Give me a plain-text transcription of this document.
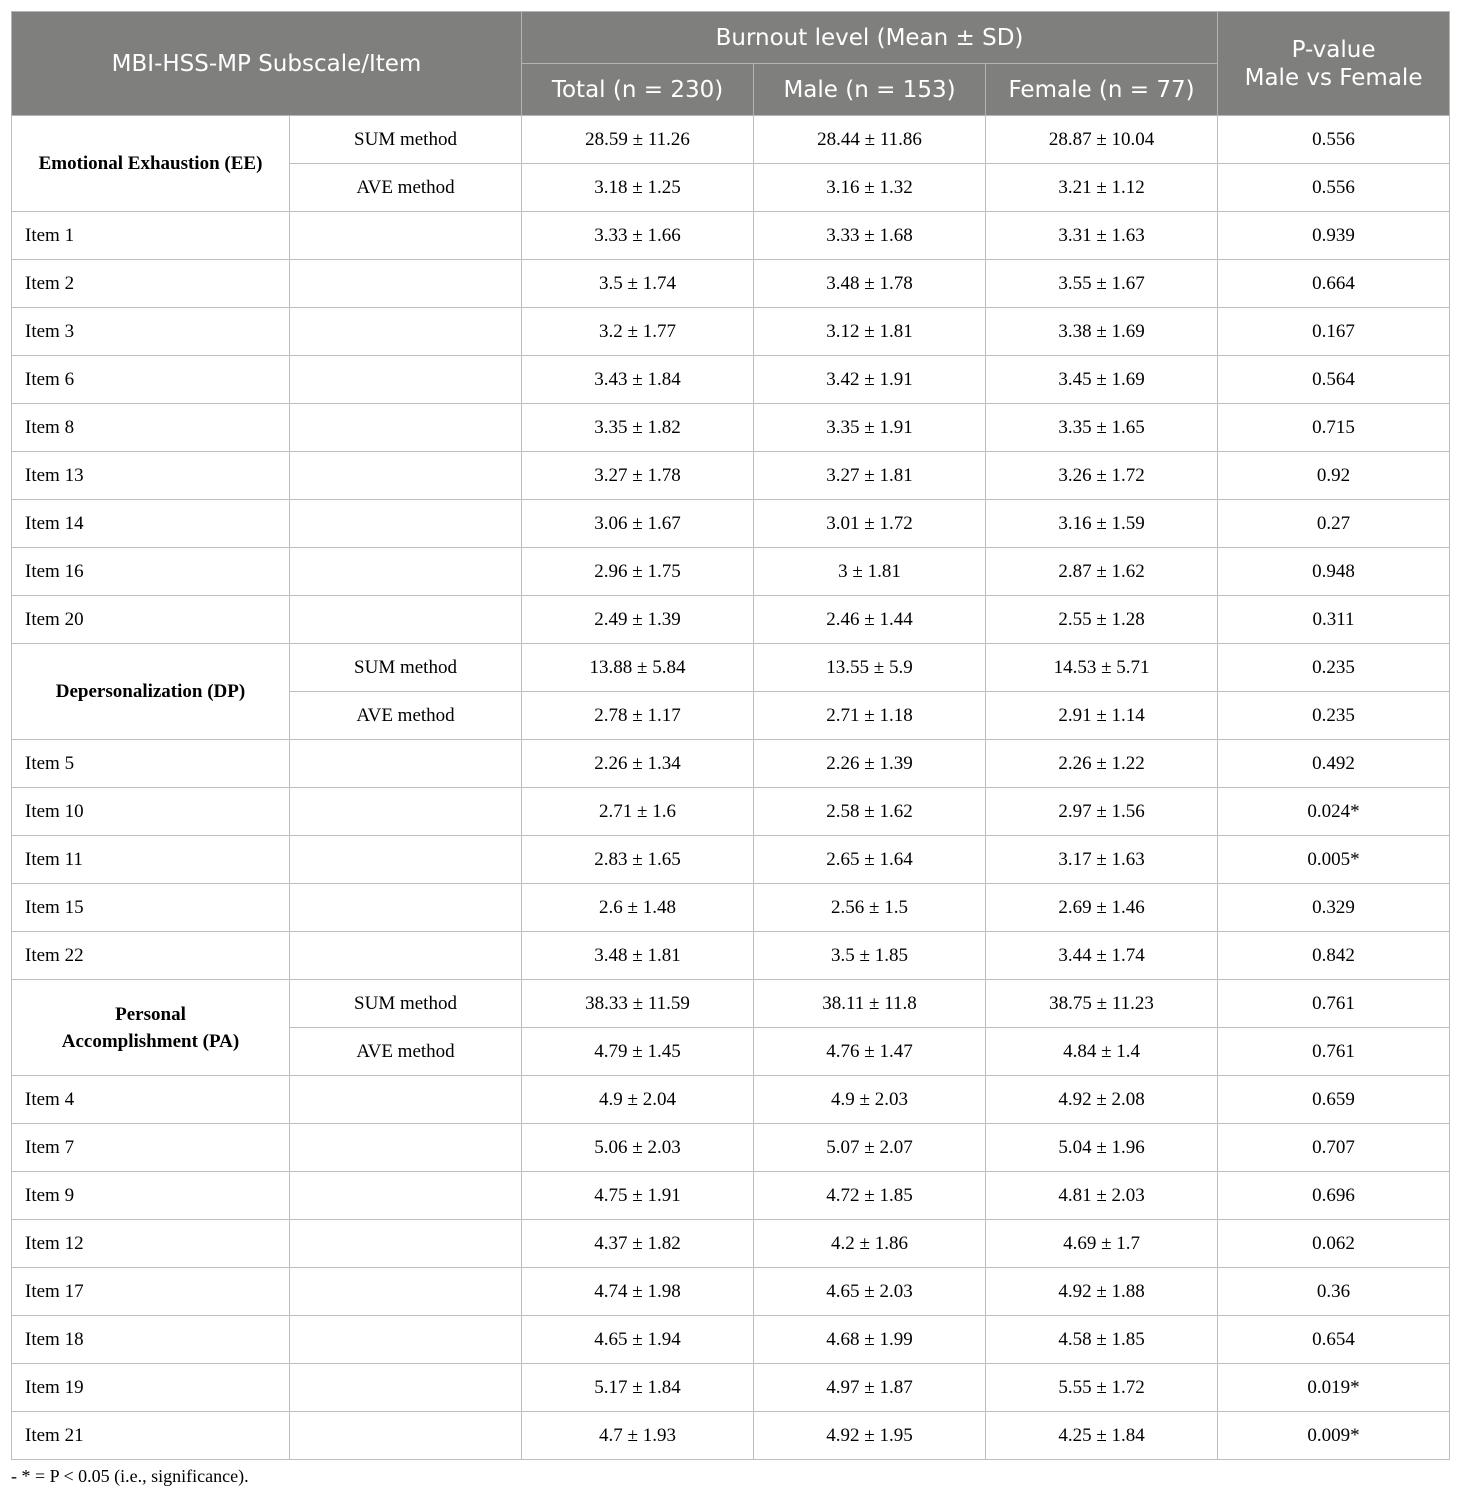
MBI-HSS-MP Subscale/Item		Burnout level (Mean ± SD)			P-value
Male vs Female

		Total (n = 230)	Male (n = 153)	Female (n = 77)	

Emotional Exhaustion (EE)	SUM method	28.59 ± 11.26	28.44 ± 11.86	28.87 ± 10.04	0.556
	AVE method	3.18 ± 1.25	3.16 ± 1.32	3.21 ± 1.12	0.556
Item 1		3.33 ± 1.66	3.33 ± 1.68	3.31 ± 1.63	0.939
Item 2		3.5 ± 1.74	3.48 ± 1.78	3.55 ± 1.67	0.664
Item 3		3.2 ± 1.77	3.12 ± 1.81	3.38 ± 1.69	0.167
Item 6		3.43 ± 1.84	3.42 ± 1.91	3.45 ± 1.69	0.564
Item 8		3.35 ± 1.82	3.35 ± 1.91	3.35 ± 1.65	0.715
Item 13		3.27 ± 1.78	3.27 ± 1.81	3.26 ± 1.72	0.92
Item 14		3.06 ± 1.67	3.01 ± 1.72	3.16 ± 1.59	0.27
Item 16		2.96 ± 1.75	3 ± 1.81	2.87 ± 1.62	0.948
Item 20		2.49 ± 1.39	2.46 ± 1.44	2.55 ± 1.28	0.311

Depersonalization (DP)	SUM method	13.88 ± 5.84	13.55 ± 5.9	14.53 ± 5.71	0.235
	AVE method	2.78 ± 1.17	2.71 ± 1.18	2.91 ± 1.14	0.235
Item 5		2.26 ± 1.34	2.26 ± 1.39	2.26 ± 1.22	0.492
Item 10		2.71 ± 1.6	2.58 ± 1.62	2.97 ± 1.56	0.024*
Item 11		2.83 ± 1.65	2.65 ± 1.64	3.17 ± 1.63	0.005*
Item 15		2.6 ± 1.48	2.56 ± 1.5	2.69 ± 1.46	0.329
Item 22		3.48 ± 1.81	3.5 ± 1.85	3.44 ± 1.74	0.842

Personal
Accomplishment (PA)	SUM method	38.33 ± 11.59	38.11 ± 11.8	38.75 ± 11.23	0.761
	AVE method	4.79 ± 1.45	4.76 ± 1.47	4.84 ± 1.4	0.761
Item 4		4.9 ± 2.04	4.9 ± 2.03	4.92 ± 2.08	0.659
Item 7		5.06 ± 2.03	5.07 ± 2.07	5.04 ± 1.96	0.707
Item 9		4.75 ± 1.91	4.72 ± 1.85	4.81 ± 2.03	0.696
Item 12		4.37 ± 1.82	4.2 ± 1.86	4.69 ± 1.7	0.062
Item 17		4.74 ± 1.98	4.65 ± 2.03	4.92 ± 1.88	0.36
Item 18		4.65 ± 1.94	4.68 ± 1.99	4.58 ± 1.85	0.654
Item 19		5.17 ± 1.84	4.97 ± 1.87	5.55 ± 1.72	0.019*
Item 21		4.7 ± 1.93	4.92 ± 1.95	4.25 ± 1.84	0.009*
- * = P < 0.05 (i.e., significance).
